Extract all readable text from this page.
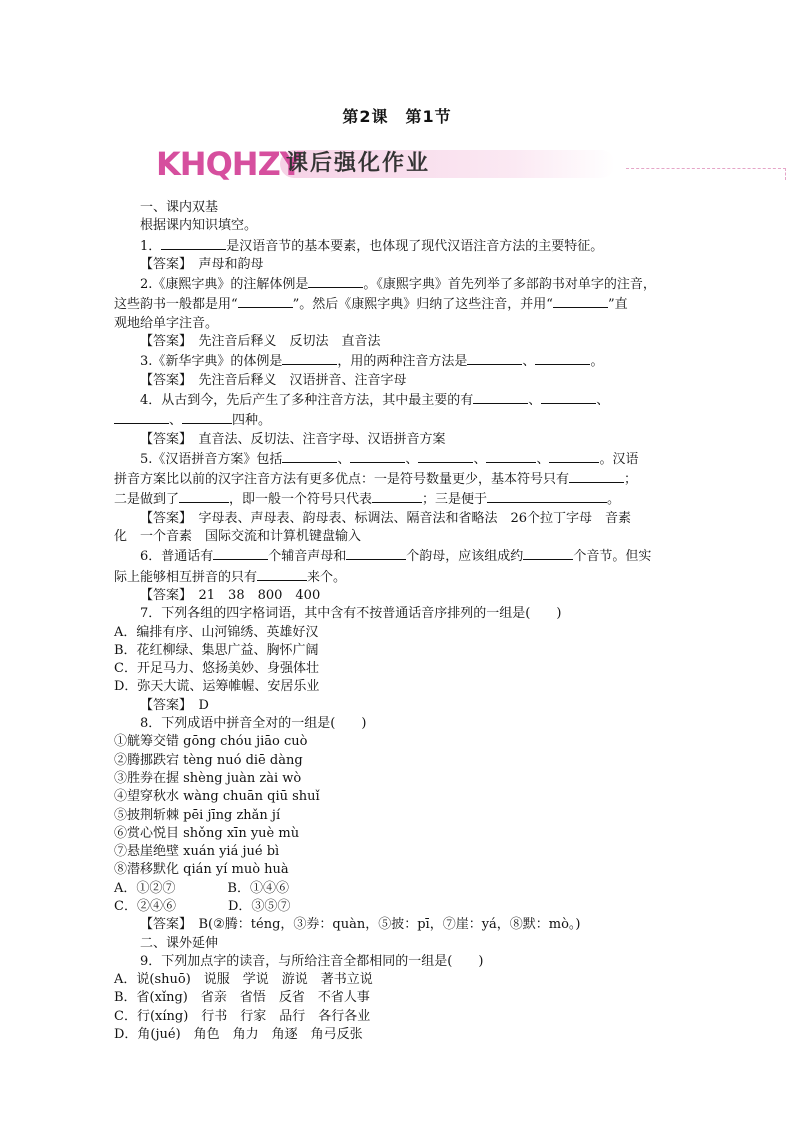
第2课　第1节
KHQHZY
课后强化作业

一、课内双基

根据课内知识填空。

1．	是汉语音节的基本要素，也体现了现代汉语注音方法的主要特征。

【答案】　声母和韵母

2.《康熙字典》的注解体例是	。《康熙字典》首先列举了多部韵书对单字的注音，

这些韵书一般都是用“	”。然后《康熙字典》归纳了这些注音，并用“	”直

观地给单字注音。

【答案】　先注音后释义　反切法　直音法

3.《新华字典》的体例是	，用的两种注音方法是	、	。

【答案】　先注音后释义　汉语拼音、注音字母

4．从古到今，先后产生了多种注音方法，其中最主要的有	、	、

、	四种。

【答案】　直音法、反切法、注音字母、汉语拼音方案

5.《汉语拼音方案》包括	、	、	、	、	。汉语

拼音方案比以前的汉字注音方法有更多优点：一是符号数量更少，基本符号只有	；

二是做到了	，即一般一个符号只代表	；三是便于	。

【答案】　字母表、声母表、韵母表、标调法、隔音法和省略法　26个拉丁字母　音素

化　一个音素　国际交流和计算机键盘输入

6．普通话有	个辅音声母和	个韵母，应该组成约	个音节。但实

际上能够相互拼音的只有	来个。

【答案】　21　38　800　400

7．下列各组的四字格词语，其中含有不按普通话音序排列的一组是(　　)

A．编排有序、山河锦绣、英雄好汉

B．花红柳绿、集思广益、胸怀广阔

C．开足马力、悠扬美妙、身强体壮

D．弥天大谎、运筹帷幄、安居乐业

【答案】　D

8．下列成语中拼音全对的一组是(　　)

①觥筹交错 gōng chóu jiāo cuò

②腾挪跌宕 tèng nuó diē dàng

③胜券在握 shèng juàn zài wò

④望穿秋水 wàng chuān qiū shuǐ

⑤披荆斩棘 pēi jīng zhǎn jí

⑥赏心悦目 shǒng xīn yuè mù

⑦悬崖绝壁 xuán yiá jué bì

⑧潜移默化 qián yí muò huà

A．①②⑦　　　　B．①④⑥

C．②④⑥　　　　D．③⑤⑦

【答案】　B(②腾：téng，③券：quàn，⑤披：pī，⑦崖：yá，⑧默：mò。)

二、课外延伸

9．下列加点字的读音，与所给注音全都相同的一组是(　　)

A．说(shuō)　说服　学说　游说　著书立说

B．省(xǐng)　省亲　省悟　反省　不省人事

C．行(xíng)　行书　行家　品行　各行各业

D．角(jué)　角色　角力　角逐　角弓反张
